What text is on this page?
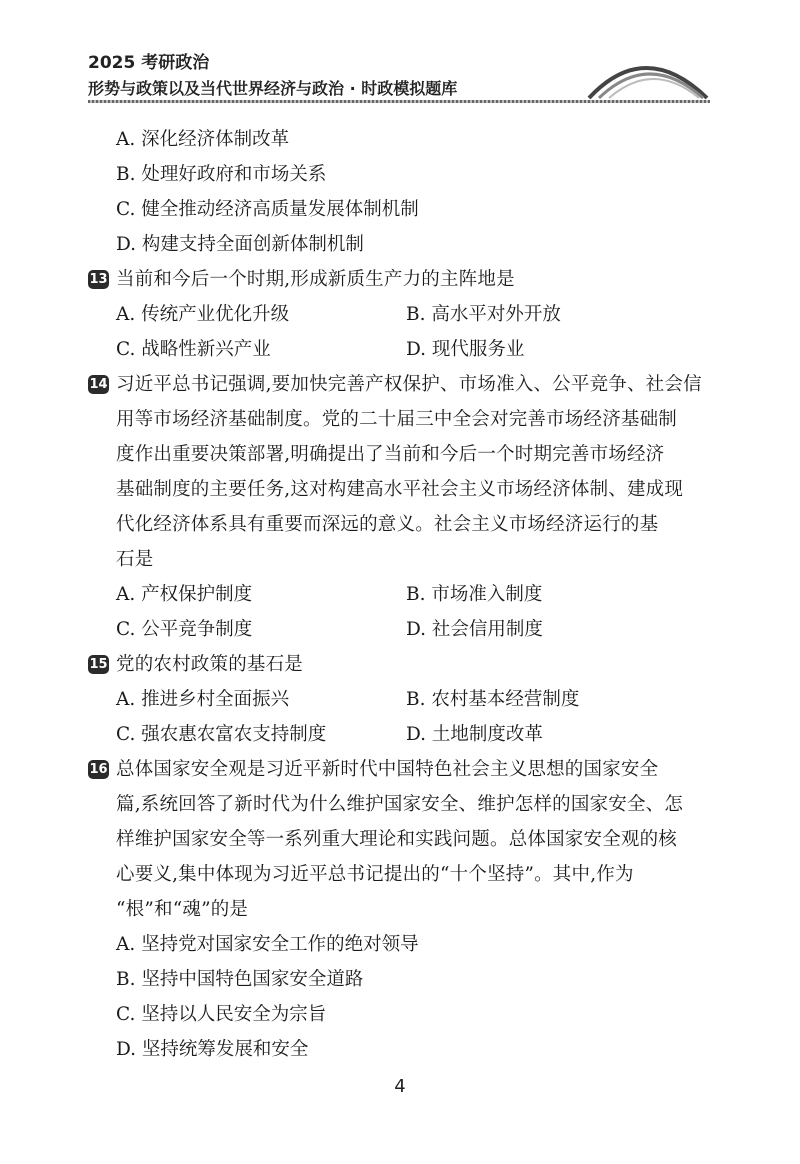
2025 考研政治
形势与政策以及当代世界经济与政治 · 时政模拟题库
A. 深化经济体制改革
B. 处理好政府和市场关系
C. 健全推动经济高质量发展体制机制
D. 构建支持全面创新体制机制
13 当前和今后一个时期,形成新质生产力的主阵地是
A. 传统产业优化升级	B. 高水平对外开放
C. 战略性新兴产业	D. 现代服务业
14 习近平总书记强调,要加快完善产权保护、市场准入、公平竞争、社会信
用等市场经济基础制度。党的二十届三中全会对完善市场经济基础制
度作出重要决策部署,明确提出了当前和今后一个时期完善市场经济
基础制度的主要任务,这对构建高水平社会主义市场经济体制、建成现
代化经济体系具有重要而深远的意义。社会主义市场经济运行的基
石是
A. 产权保护制度	B. 市场准入制度
C. 公平竞争制度	D. 社会信用制度
15 党的农村政策的基石是
A. 推进乡村全面振兴	B. 农村基本经营制度
C. 强农惠农富农支持制度	D. 土地制度改革
16 总体国家安全观是习近平新时代中国特色社会主义思想的国家安全
篇,系统回答了新时代为什么维护国家安全、维护怎样的国家安全、怎
样维护国家安全等一系列重大理论和实践问题。总体国家安全观的核
心要义,集中体现为习近平总书记提出的“十个坚持”。其中,作为
“根”和“魂”的是
A. 坚持党对国家安全工作的绝对领导
B. 坚持中国特色国家安全道路
C. 坚持以人民安全为宗旨
D. 坚持统筹发展和安全
4
